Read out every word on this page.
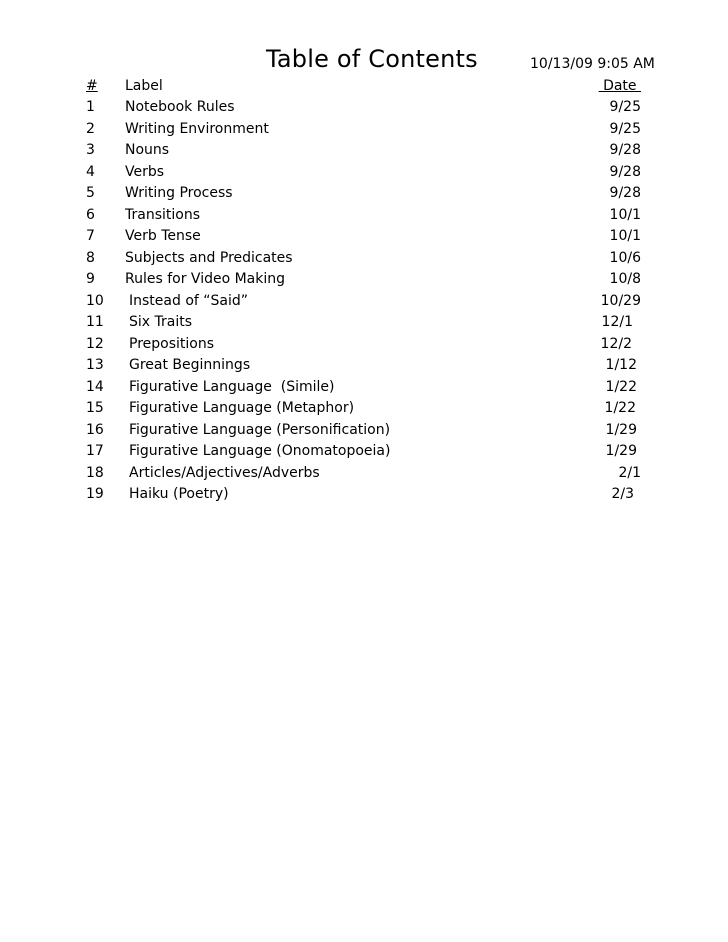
Table of Contents	10/13/09 9:05 AM
# Label	Date
1 Notebook Rules	9/25
2 Writing Environment	9/25
3 Nouns	9/28
4 Verbs	9/28
5 Writing Process	9/28
6 Transitions	10/1
7 Verb Tense	10/1
8 Subjects and Predicates	10/6
9 Rules for Video Making	10/8
10 Instead of “Said”	10/29
11 Six Traits	12/1
12 Prepositions	12/2
13 Great Beginnings	1/12
14 Figurative Language  (Simile)	1/22
15 Figurative Language (Metaphor)	1/22
16 Figurative Language (Personification)	1/29
17 Figurative Language (Onomatopoeia)	1/29
18 Articles/Adjectives/Adverbs	2/1
19 Haiku (Poetry)	2/3
